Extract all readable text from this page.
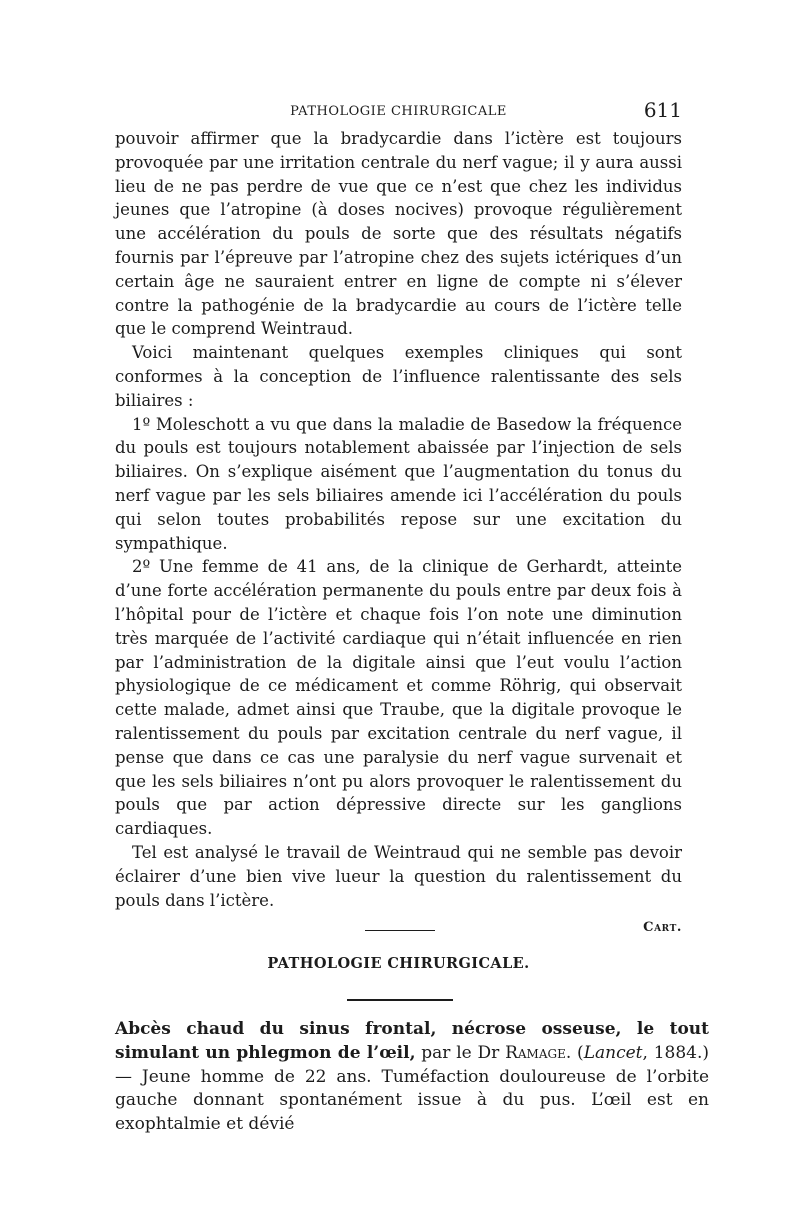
PATHOLOGIE CHIRURGICALE	611

pouvoir affirmer que la bradycardie dans l’ictère est toujours provoquée par une irritation centrale du nerf vague; il y aura aussi lieu de ne pas perdre de vue que ce n’est que chez les individus jeunes que l’atropine (à doses nocives) provoque régulièrement une accélération du pouls de sorte que des résultats négatifs fournis par l’épreuve par l’atropine chez des sujets ictériques d’un certain âge ne sauraient entrer en ligne de compte ni s’élever contre la pathogénie de la bradycardie au cours de l’ictère telle que le comprend Weintraud.

Voici maintenant quelques exemples cliniques qui sont conformes à la conception de l’influence ralentissante des sels biliaires :

1º Moleschott a vu que dans la maladie de Basedow la fréquence du pouls est toujours notablement abaissée par l’injection de sels biliaires. On s’explique aisément que l’augmentation du tonus du nerf vague par les sels biliaires amende ici l’accélération du pouls qui selon toutes probabilités repose sur une excitation du sympathique.

2º Une femme de 41 ans, de la clinique de Gerhardt, atteinte d’une forte accélération permanente du pouls entre par deux fois à l’hôpital pour de l’ictère et chaque fois l’on note une diminution très marquée de l’activité cardiaque qui n’était influencée en rien par l’administration de la digitale ainsi que l’eut voulu l’action physiologique de ce médicament et comme Röhrig, qui observait cette malade, admet ainsi que Traube, que la digitale provoque le ralentissement du pouls par excitation centrale du nerf vague, il pense que dans ce cas une paralysie du nerf vague survenait et que les sels biliaires n’ont pu alors provoquer le ralentissement du pouls que par action dépressive directe sur les ganglions cardiaques.

Tel est analysé le travail de Weintraud qui ne semble pas devoir éclairer d’une bien vive lueur la question du ralentissement du pouls dans l’ictère.

Cart.

PATHOLOGIE CHIRURGICALE.
Abcès chaud du sinus frontal, nécrose osseuse, le tout simulant un phlegmon de l’œil, par le Dr Ramage. (Lancet, 1884.) — Jeune homme de 22 ans. Tuméfaction douloureuse de l’orbite gauche donnant spontanément issue à du pus. L’œil est en exophtalmie et dévié
